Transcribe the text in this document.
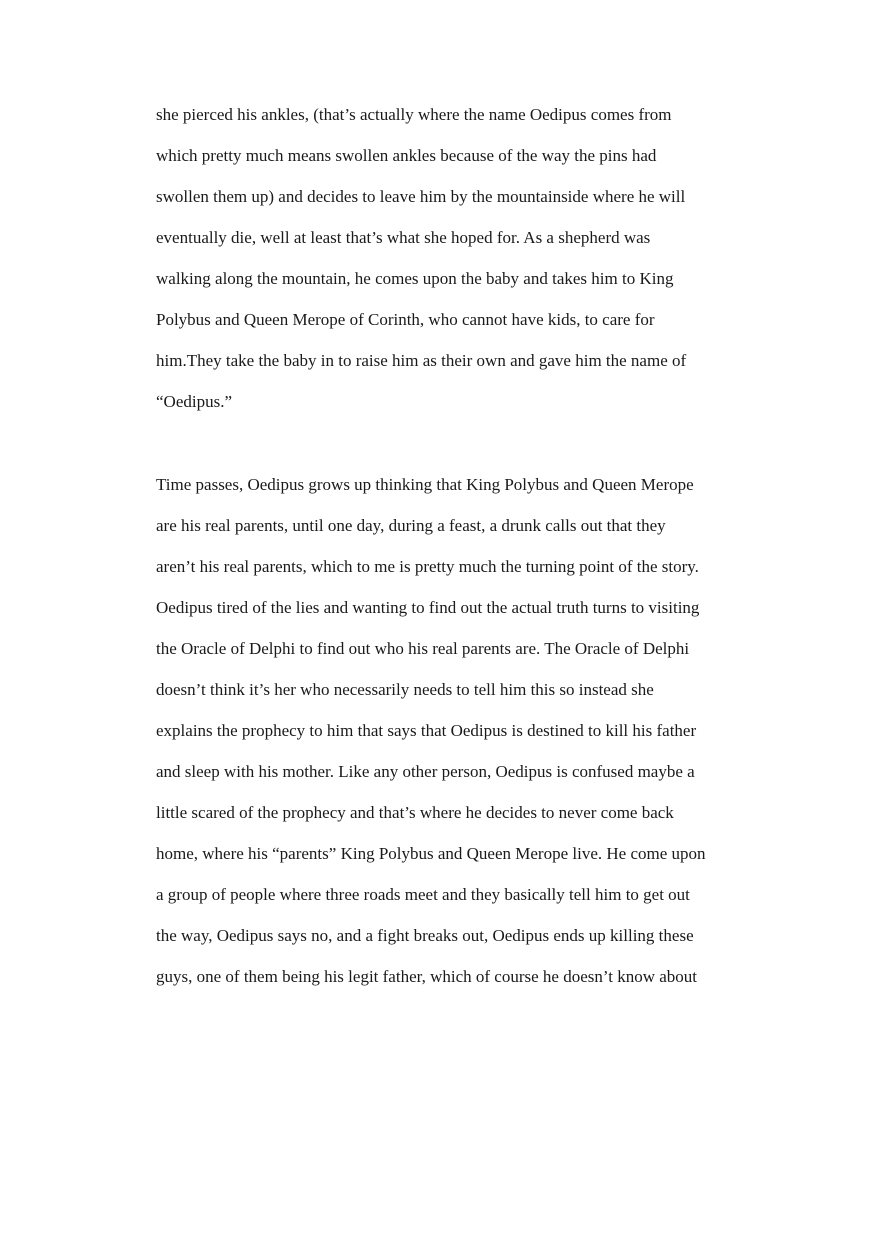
she pierced his ankles, (that’s actually where the name Oedipus comes from
which pretty much means swollen ankles because of the way the pins had
swollen them up) and decides to leave him by the mountainside where he will
eventually die, well at least that’s what she hoped for. As a shepherd was
walking along the mountain, he comes upon the baby and takes him to King
Polybus and Queen Merope of Corinth, who cannot have kids, to care for
him.They take the baby in to raise him as their own and gave him the name of
“Oedipus.”
Time passes, Oedipus grows up thinking that King Polybus and Queen Merope
are his real parents, until one day, during a feast, a drunk calls out that they
aren’t his real parents, which to me is pretty much the turning point of the story.
Oedipus tired of the lies and wanting to find out the actual truth turns to visiting
the Oracle of Delphi to find out who his real parents are. The Oracle of Delphi
doesn’t think it’s her who necessarily needs to tell him this so instead she
explains the prophecy to him that says that Oedipus is destined to kill his father
and sleep with his mother. Like any other person, Oedipus is confused maybe a
little scared of the prophecy and that’s where he decides to never come back
home, where his “parents” King Polybus and Queen Merope live. He come upon
a group of people where three roads meet and they basically tell him to get out
the way, Oedipus says no, and a fight breaks out, Oedipus ends up killing these
guys, one of them being his legit father, which of course he doesn’t know about
